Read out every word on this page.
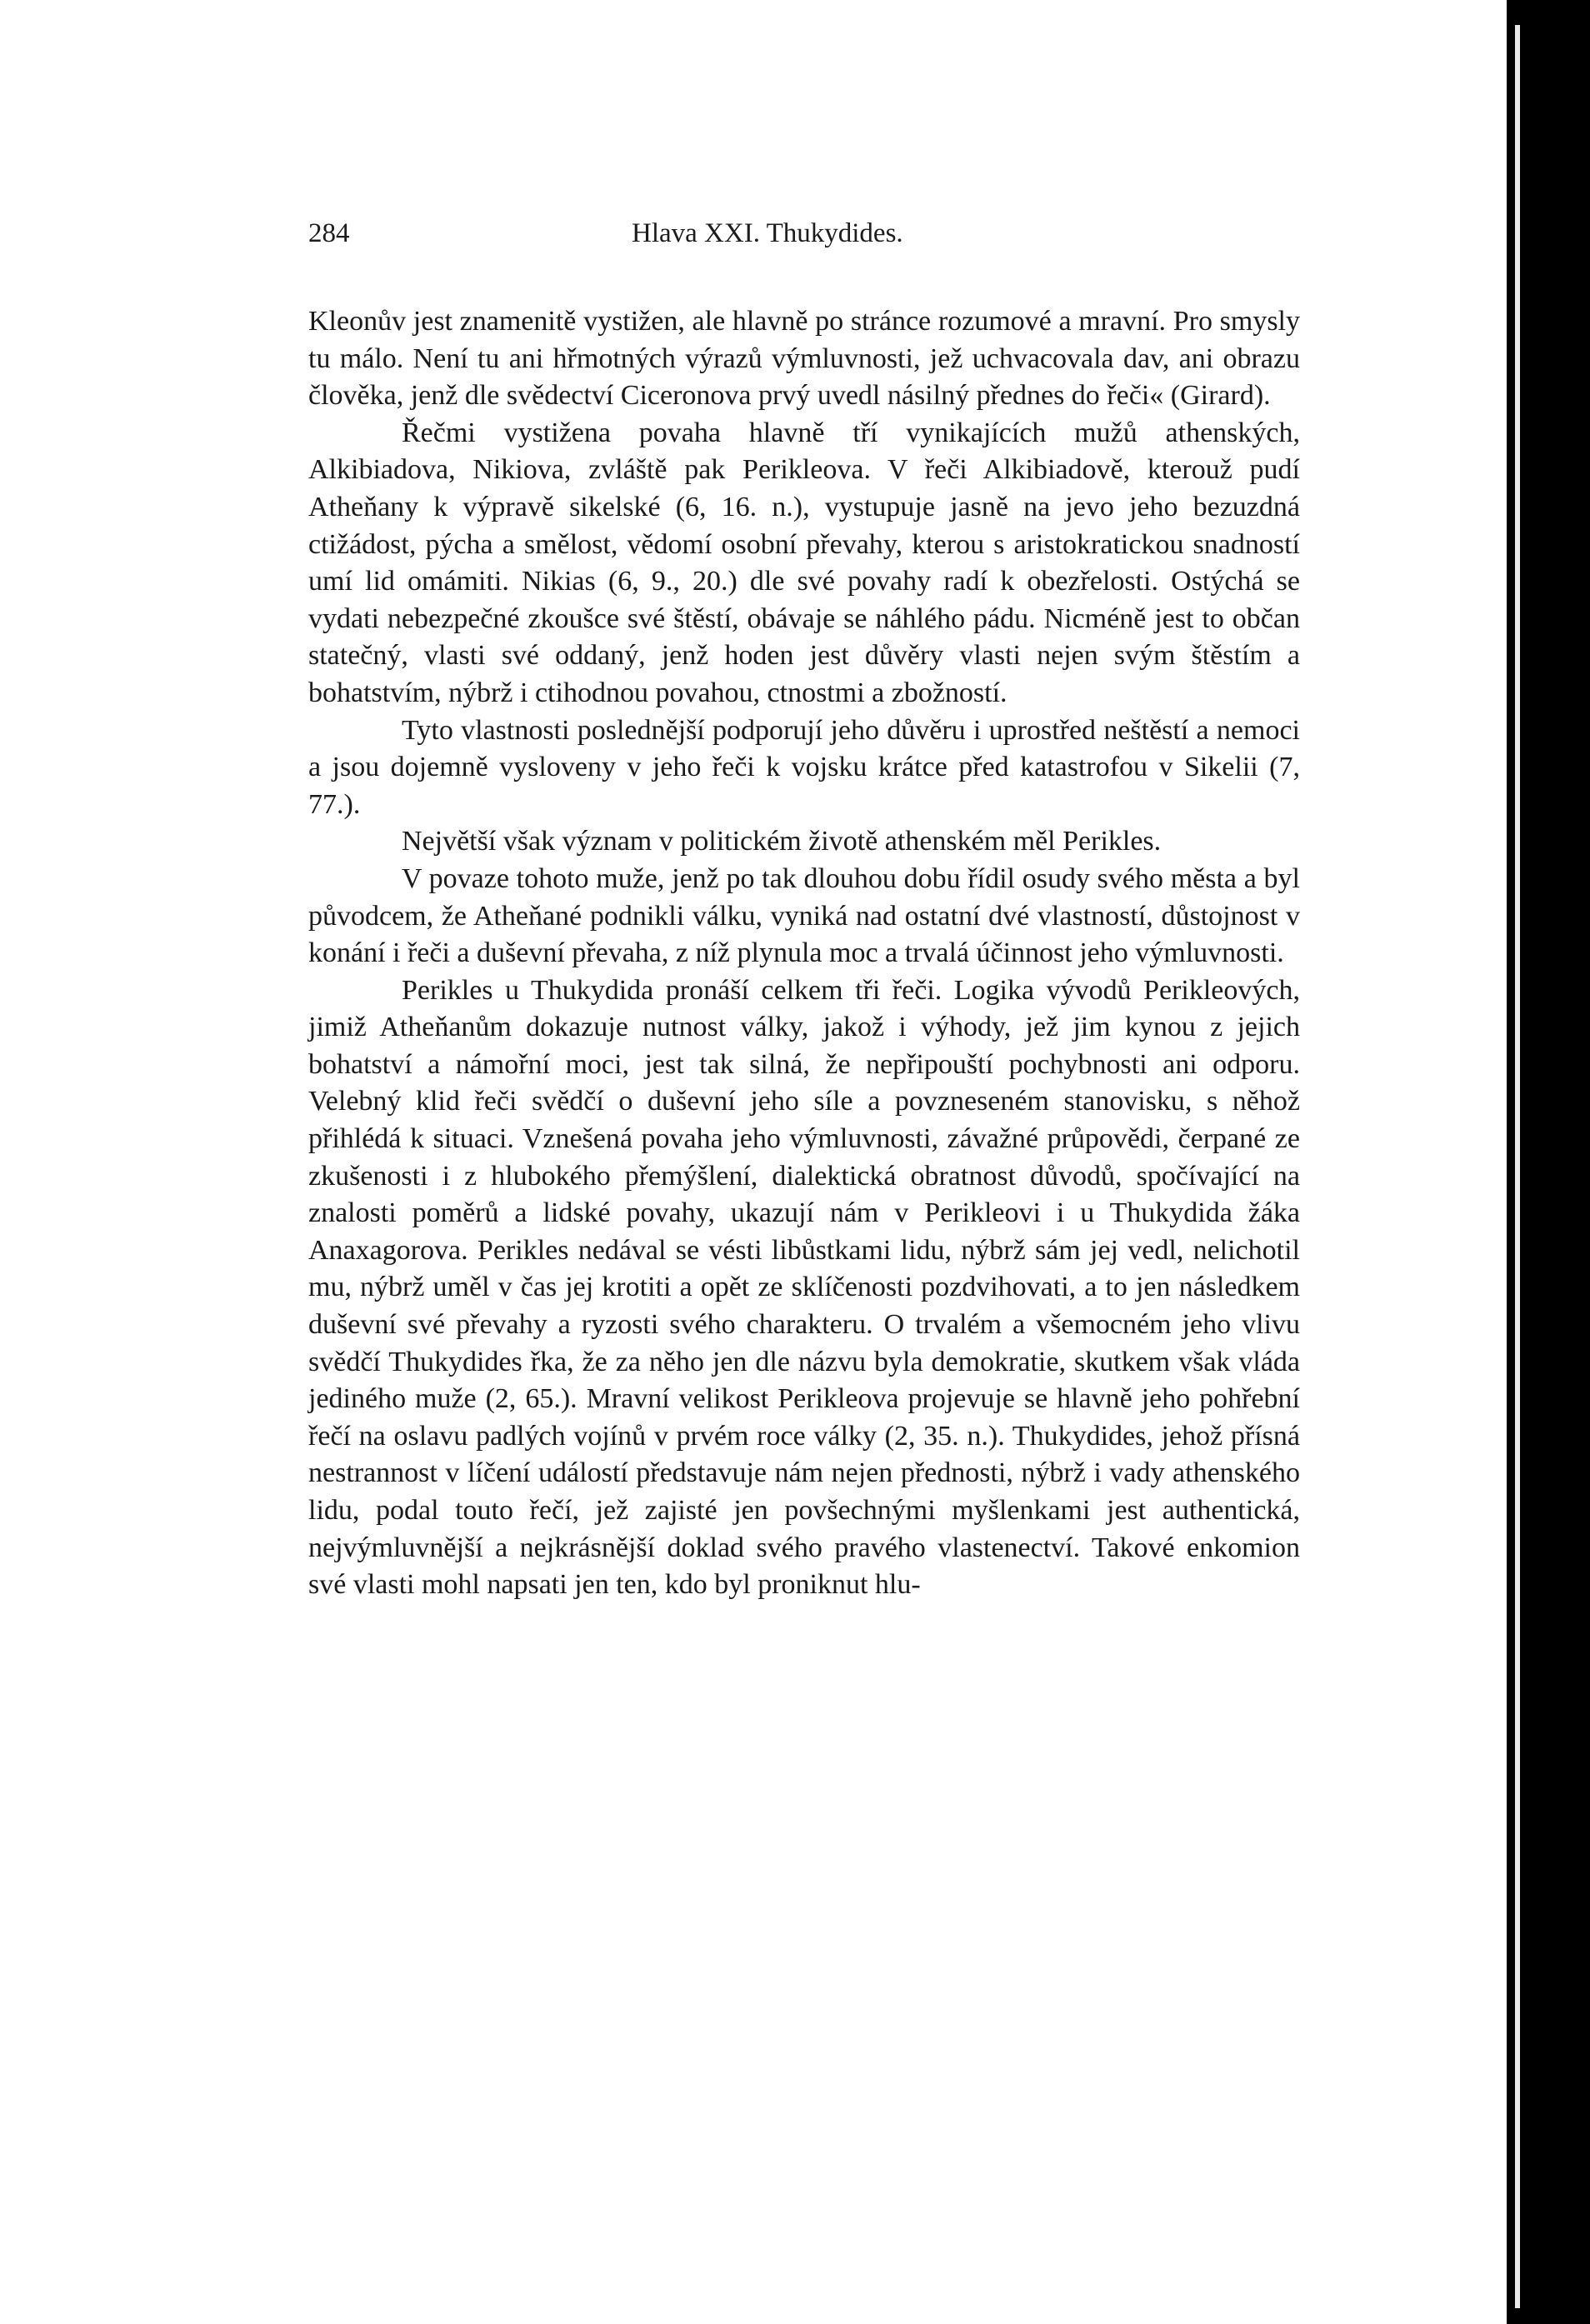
284	Hlava XXI. Thukydides.

Kleonův jest znamenitě vystižen, ale hlavně po stránce rozumové a mravní. Pro smysly tu málo. Není tu ani hřmotných výrazů výmluvnosti, jež uchvacovala dav, ani obrazu člověka, jenž dle svědectví Ciceronova prvý uvedl násilný přednes do řeči« (Girard).

Řečmi vystižena povaha hlavně tří vynikajících mužů athenských, Alkibiadova, Nikiova, zvláště pak Perikleova. V řeči Alkibiadově, kterouž pudí Atheňany k výpravě sikelské (6, 16. n.), vystupuje jasně na jevo jeho bezuzdná ctižádost, pýcha a smělost, vědomí osobní převahy, kterou s aristokratickou snadností umí lid omámiti. Nikias (6, 9., 20.) dle své povahy radí k obezřelosti. Ostýchá se vydati nebezpečné zkoušce své štěstí, obávaje se náhlého pádu. Nicméně jest to občan statečný, vlasti své oddaný, jenž hoden jest důvěry vlasti nejen svým štěstím a bohatstvím, nýbrž i ctihodnou povahou, ctnostmi a zbožností.

Tyto vlastnosti poslednější podporují jeho důvěru i uprostřed neštěstí a nemoci a jsou dojemně vysloveny v jeho řeči k vojsku krátce před katastrofou v Sikelii (7, 77.).

Největší však význam v politickém životě athenském měl Perikles.

V povaze tohoto muže, jenž po tak dlouhou dobu řídil osudy svého města a byl původcem, že Atheňané podnikli válku, vyniká nad ostatní dvé vlastností, důstojnost v konání i řeči a duševní převaha, z níž plynula moc a trvalá účinnost jeho výmluvnosti.

Perikles u Thukydida pronáší celkem tři řeči. Logika vývodů Perikleových, jimiž Atheňanům dokazuje nutnost války, jakož i výhody, jež jim kynou z jejich bohatství a námořní moci, jest tak silná, že nepřipouští pochybnosti ani odporu. Velebný klid řeči svědčí o duševní jeho síle a povzneseném stanovisku, s něhož přihlédá k situaci. Vznešená povaha jeho výmluvnosti, závažné průpovědi, čerpané ze zkušenosti i z hlubokého přemýšlení, dialektická obratnost důvodů, spočívající na znalosti poměrů a lidské povahy, ukazují nám v Perikleovi i u Thukydida žáka Anaxagorova. Perikles nedával se vésti libůstkami lidu, nýbrž sám jej vedl, nelichotil mu, nýbrž uměl v čas jej krotiti a opět ze sklíčenosti pozdvihovati, a to jen následkem duševní své převahy a ryzosti svého charakteru. O trvalém a všemocném jeho vlivu svědčí Thukydides řka, že za něho jen dle názvu byla demokratie, skutkem však vláda jediného muže (2, 65.). Mravní velikost Perikleova projevuje se hlavně jeho pohřební řečí na oslavu padlých vojínů v prvém roce války (2, 35. n.). Thukydides, jehož přísná nestrannost v líčení událostí představuje nám nejen přednosti, nýbrž i vady athenského lidu, podal touto řečí, jež zajisté jen povšechnými myšlenkami jest authentická, nejvýmluvnější a nejkrásnější doklad svého pravého vlastenectví. Takové enkomion své vlasti mohl napsati jen ten, kdo byl proniknut hlu-
